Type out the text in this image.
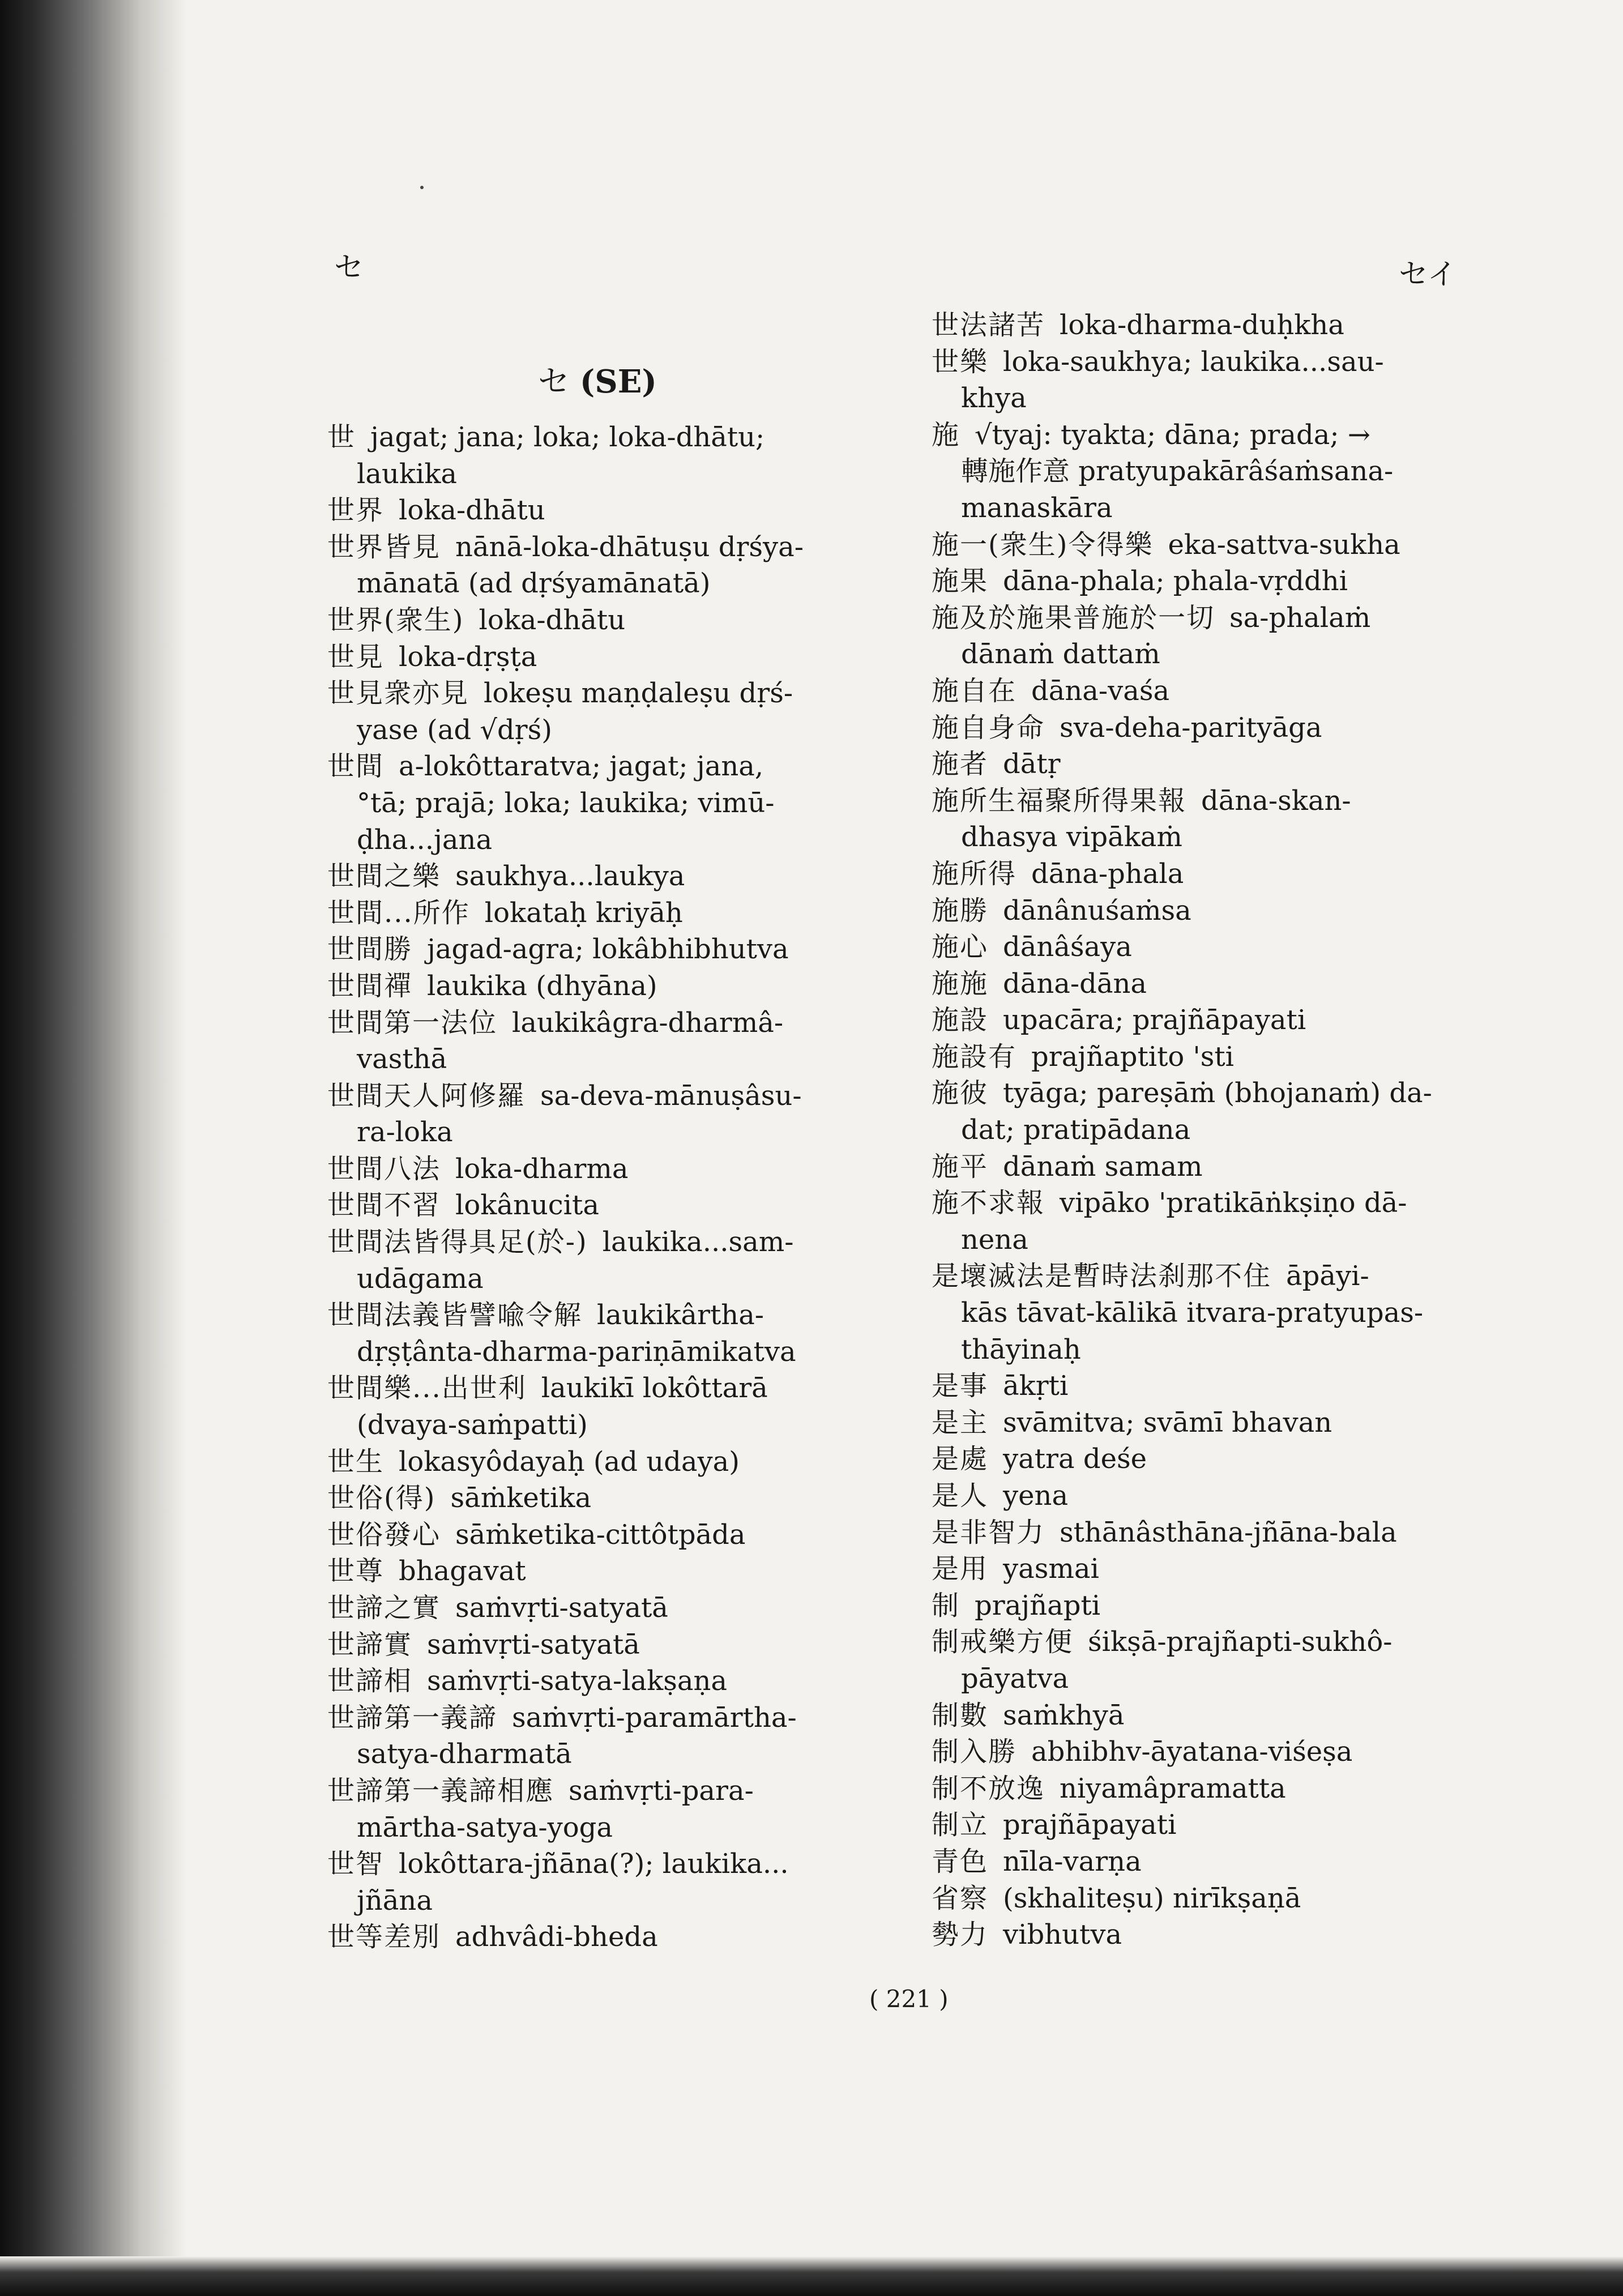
セ	セイ
セ (SE)
世 jagat; jana; loka; loka-dhātu;
laukika
世界 loka-dhātu
世界皆見 nānā-loka-dhātuṣu dṛśya-
mānatā (ad dṛśyamānatā)
世界(衆生) loka-dhātu
世見 loka-dṛṣṭa
世見衆亦見 lokeṣu maṇḍaleṣu dṛś-
yase (ad √dṛś)
世間 a-lokôttaratva; jagat; jana,
°tā; prajā; loka; laukika; vimū-
ḍha...jana
世間之樂 saukhya...laukya
世間...所作 lokataḥ kriyāḥ
世間勝 jagad-agra; lokâbhibhutva
世間禪 laukika (dhyāna)
世間第一法位 laukikâgra-dharmâ-
vasthā
世間天人阿修羅 sa-deva-mānuṣâsu-
ra-loka
世間八法 loka-dharma
世間不習 lokânucita
世間法皆得具足(於-) laukika...sam-
udāgama
世間法義皆譬喩令解 laukikârtha-
dṛṣṭânta-dharma-pariṇāmikatva
世間樂...出世利 laukikī lokôttarā
(dvaya-saṁpatti)
世生 lokasyôdayaḥ (ad udaya)
世俗(得) sāṁketika
世俗發心 sāṁketika-cittôtpāda
世尊 bhagavat
世諦之實 saṁvṛti-satyatā
世諦實 saṁvṛti-satyatā
世諦相 saṁvṛti-satya-lakṣaṇa
世諦第一義諦 saṁvṛti-paramārtha-
satya-dharmatā
世諦第一義諦相應 saṁvṛti-para-
mārtha-satya-yoga
世智 lokôttara-jñāna(?); laukika...
jñāna
世等差別 adhvâdi-bheda
世法諸苦 loka-dharma-duḥkha
世樂 loka-saukhya; laukika...sau-
khya
施 √tyaj: tyakta; dāna; prada; →
轉施作意 pratyupakārâśaṁsana-
manaskāra
施一(衆生)令得樂 eka-sattva-sukha
施果 dāna-phala; phala-vṛddhi
施及於施果普施於一切 sa-phalaṁ
dānaṁ dattaṁ
施自在 dāna-vaśa
施自身命 sva-deha-parityāga
施者 dātṛ
施所生福聚所得果報 dāna-skan-
dhasya vipākaṁ
施所得 dāna-phala
施勝 dānânuśaṁsa
施心 dānâśaya
施施 dāna-dāna
施設 upacāra; prajñāpayati
施設有 prajñaptito 'sti
施彼 tyāga; pareṣāṁ (bhojanaṁ) da-
dat; pratipādana
施平 dānaṁ samam
施不求報 vipāko 'pratikāṅkṣiṇo dā-
nena
是壞滅法是暫時法刹那不住 āpāyi-
kās tāvat-kālikā itvara-pratyupas-
thāyinaḥ
是事 ākṛti
是主 svāmitva; svāmī bhavan
是處 yatra deśe
是人 yena
是非智力 sthānâsthāna-jñāna-bala
是用 yasmai
制 prajñapti
制戒樂方便 śikṣā-prajñapti-sukhô-
pāyatva
制數 saṁkhyā
制入勝 abhibhv-āyatana-viśeṣa
制不放逸 niyamâpramatta
制立 prajñāpayati
青色 nīla-varṇa
省察 (skhaliteṣu) nirīkṣaṇā
勢力 vibhutva
( 221 )
